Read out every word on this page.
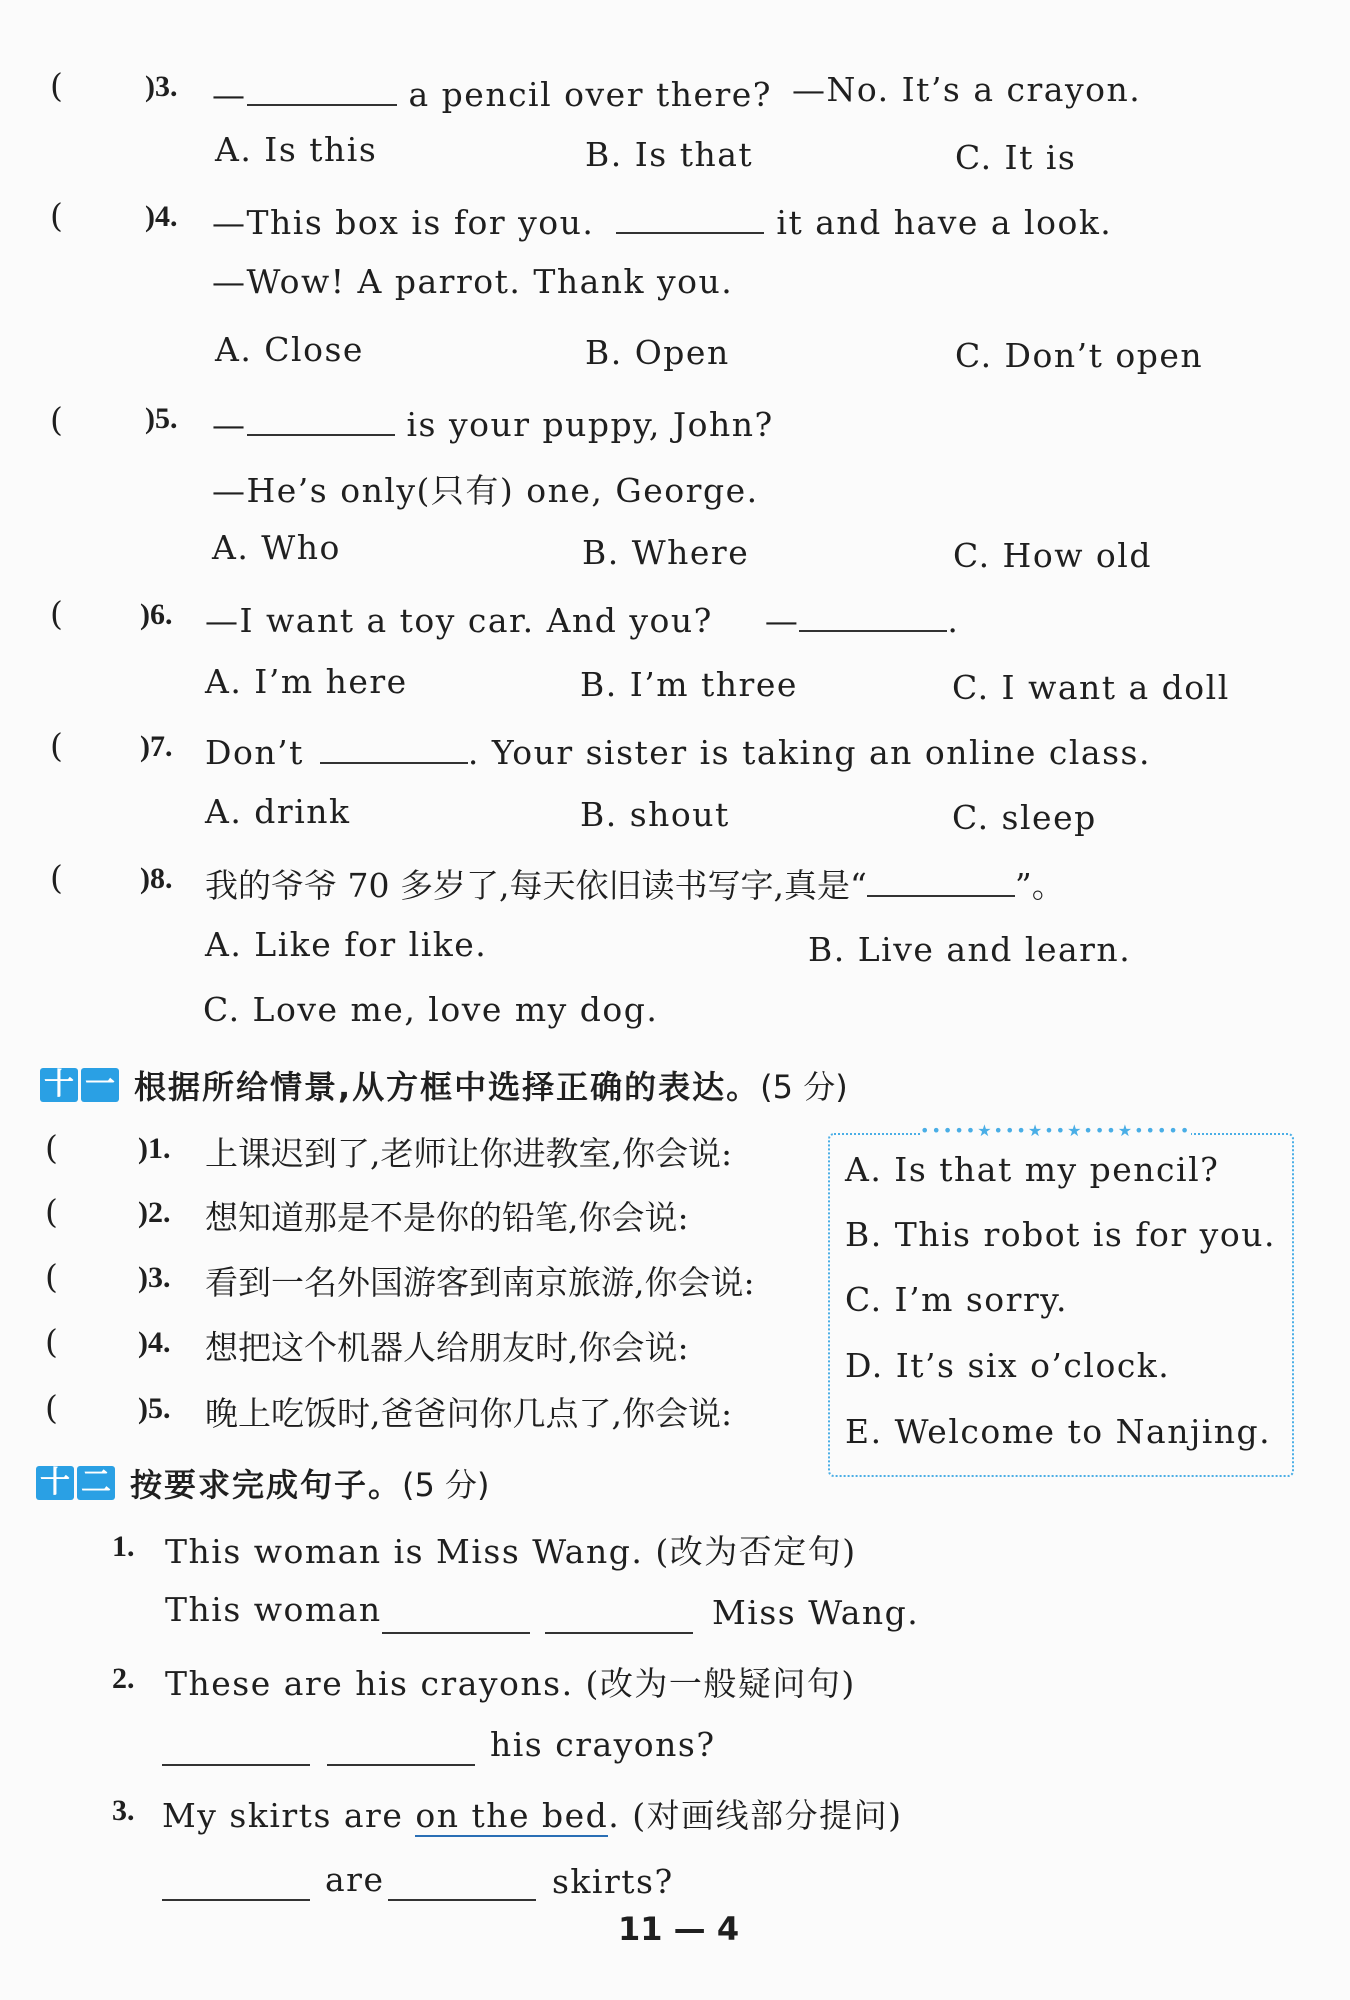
(	)3. —	a pencil over there? —No. It’s a crayon.
A. Is this	B. Is that	C. It is
(	)4. —This box is for you.	it and have a look.
—Wow! A parrot. Thank you.
A. Close	B. Open	C. Don’t open
(	)5. —	is your puppy, John?
—He’s only(只有) one, George.
A. Who	B. Where	C. How old
(	)6. —I want a toy car. And you? —	.
A. I’m here	B. I’m three	C. I want a doll
(	)7. Don’t	. Your sister is taking an online class.
A. drink	B. shout	C. sleep
(	)8. 我的爷爷 70 多岁了,每天依旧读书写字,真是“	”。
A. Like for like.	B. Live and learn.
C. Love me, love my dog.
十 一 根据所给情景,从方框中选择正确的表达。 (5 分)
(	)1. 上课迟到了,老师让你进教室,你会说:
(	)2. 想知道那是不是你的铅笔,你会说:
(	)3. 看到一名外国游客到南京旅游,你会说:
(	)4. 想把这个机器人给朋友时,你会说:
(	)5. 晚上吃饭时,爸爸问你几点了,你会说:
•••••★•••★••★•••★•••••
A. Is that my pencil?
B. This robot is for you.
C. I’m sorry.
D. It’s six o’clock.
E. Welcome to Nanjing.
十 二 按要求完成句子。 (5 分)
1. This woman is Miss Wang. (改为否定句)
This woman	Miss Wang.
2. These are his crayons. (改为一般疑问句)
his crayons?
3. My skirts are on the bed. (对画线部分提问)
are	skirts?
11 — 4
